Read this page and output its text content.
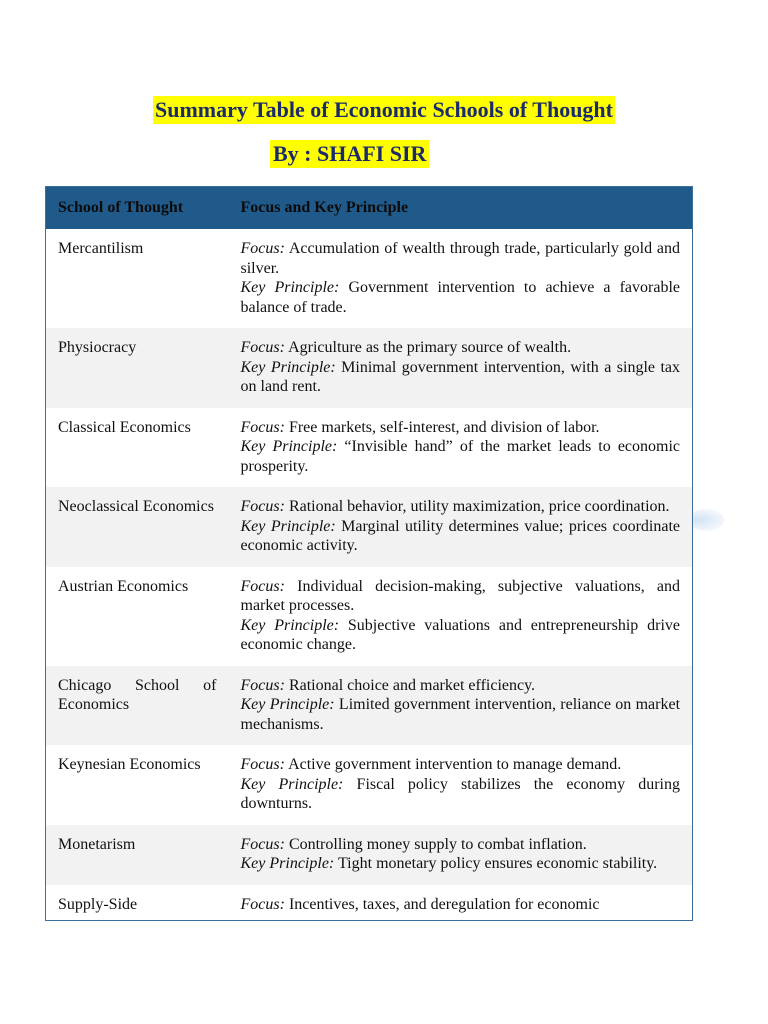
Summary Table of Economic Schools of Thought
By : SHAFI SIR
School of Thought	Focus and Key Principle
Mercantilism	Focus: Accumulation of wealth through trade, particularly gold and silver.
Key Principle: Government intervention to achieve a favorable balance of trade.

Physiocracy	Focus: Agriculture as the primary source of wealth.
Key Principle: Minimal government intervention, with a single tax on land rent.

Classical Economics	Focus: Free markets, self-interest, and division of labor.
Key Principle: “Invisible hand” of the market leads to economic prosperity.

Neoclassical Economics	Focus: Rational behavior, utility maximization, price coordination.
Key Principle: Marginal utility determines value; prices coordinate economic activity.

Austrian Economics	Focus: Individual decision-making, subjective valuations, and market processes.
Key Principle: Subjective valuations and entrepreneurship drive economic change.

Chicago School of Economics	Focus: Rational choice and market efficiency.
Key Principle: Limited government intervention, reliance on market mechanisms.

Keynesian Economics	Focus: Active government intervention to manage demand.
Key Principle: Fiscal policy stabilizes the economy during downturns.

Monetarism	Focus: Controlling money supply to combat inflation.
Key Principle: Tight monetary policy ensures economic stability.

Supply-Side	Focus: Incentives, taxes, and deregulation for economic
